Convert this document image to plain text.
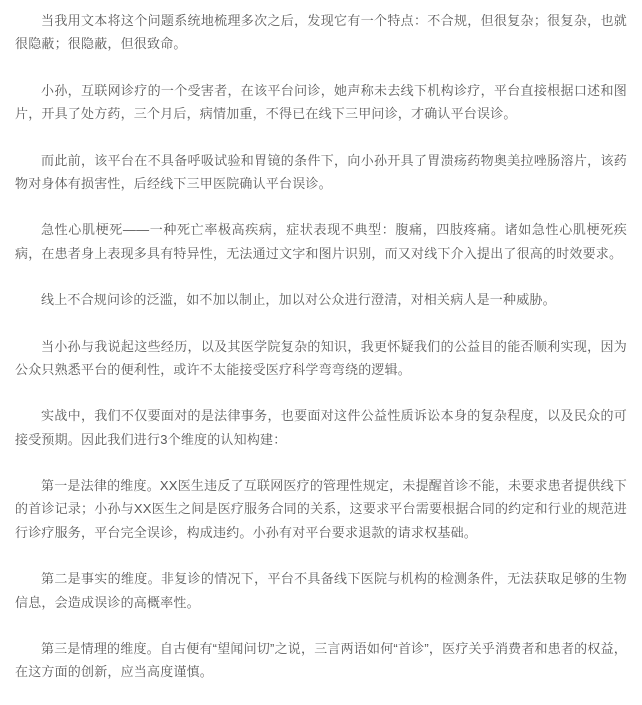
当我用文本将这个问题系统地梳理多次之后，发现它有一个特点：不合规，但很复杂；很复杂，也就很隐蔽；很隐蔽，但很致命。

小孙，互联网诊疗的一个受害者，在该平台问诊，她声称未去线下机构诊疗，平台直接根据口述和图片，开具了处方药，三个月后，病情加重，不得已在线下三甲问诊，才确认平台误诊。

而此前，该平台在不具备呼吸试验和胃镜的条件下，向小孙开具了胃溃疡药物奥美拉唑肠溶片，该药物对身体有损害性，后经线下三甲医院确认平台误诊。

急性心肌梗死——一种死亡率极高疾病，症状表现不典型：腹痛，四肢疼痛。诸如急性心肌梗死疾病，在患者身上表现多具有特异性，无法通过文字和图片识别，而又对线下介入提出了很高的时效要求。

线上不合规问诊的泛滥，如不加以制止，加以对公众进行澄清，对相关病人是一种威胁。

当小孙与我说起这些经历，以及其医学院复杂的知识，我更怀疑我们的公益目的能否顺利实现，因为公众只熟悉平台的便利性，或许不太能接受医疗科学弯弯绕的逻辑。

实战中，我们不仅要面对的是法律事务，也要面对这件公益性质诉讼本身的复杂程度，以及民众的可接受预期。因此我们进行3个维度的认知构建：

第一是法律的维度。XX医生违反了互联网医疗的管理性规定，未提醒首诊不能，未要求患者提供线下的首诊记录；小孙与XX医生之间是医疗服务合同的关系，这要求平台需要根据合同的约定和行业的规范进行诊疗服务，平台完全误诊，构成违约。小孙有对平台要求退款的请求权基础。

第二是事实的维度。非复诊的情况下，平台不具备线下医院与机构的检测条件，无法获取足够的生物信息，会造成误诊的高概率性。

第三是情理的维度。自古便有“望闻问切”之说，三言两语如何“首诊”，医疗关乎消费者和患者的权益，在这方面的创新，应当高度谨慎。
